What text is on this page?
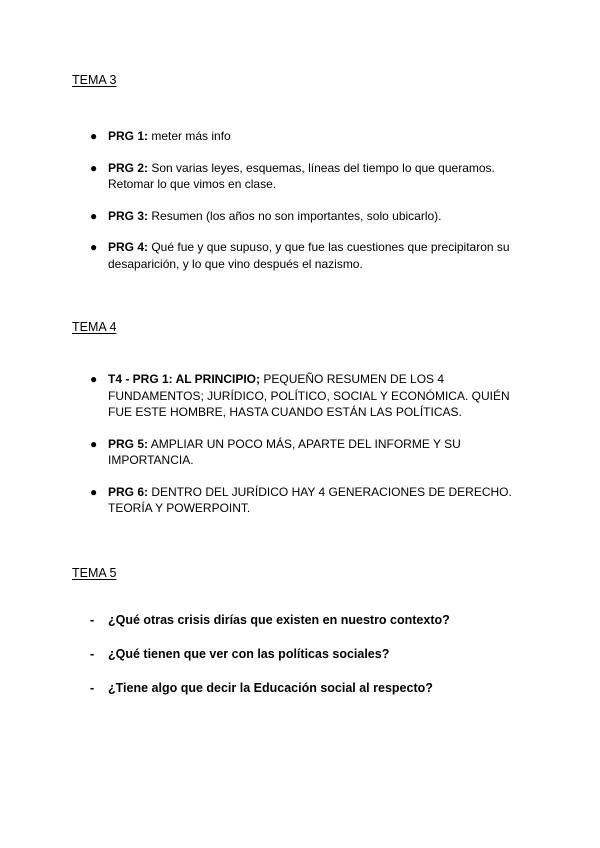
TEMA 3
● PRG 1: meter más info
● PRG 2: Son varias leyes, esquemas, líneas del tiempo lo que queramos. Retomar lo que vimos en clase.
● PRG 3: Resumen (los años no son importantes, solo ubicarlo).
● PRG 4: Qué fue y que supuso, y que fue las cuestiones que precipitaron su desaparición, y lo que vino después el nazismo.
TEMA 4
● T4 - PRG 1: AL PRINCIPIO; PEQUEÑO RESUMEN DE LOS 4 FUNDAMENTOS; JURÍDICO, POLÍTICO, SOCIAL Y ECONÓMICA. QUIÉN FUE ESTE HOMBRE, HASTA CUANDO ESTÁN LAS POLÍTICAS.
● PRG 5: AMPLIAR UN POCO MÁS, APARTE DEL INFORME Y SU IMPORTANCIA.
● PRG 6: DENTRO DEL JURÍDICO HAY 4 GENERACIONES DE DERECHO. TEORÍA Y POWERPOINT.
TEMA 5
- ¿Qué otras crisis dirías que existen en nuestro contexto?
- ¿Qué tienen que ver con las políticas sociales?
- ¿Tiene algo que decir la Educación social al respecto?
